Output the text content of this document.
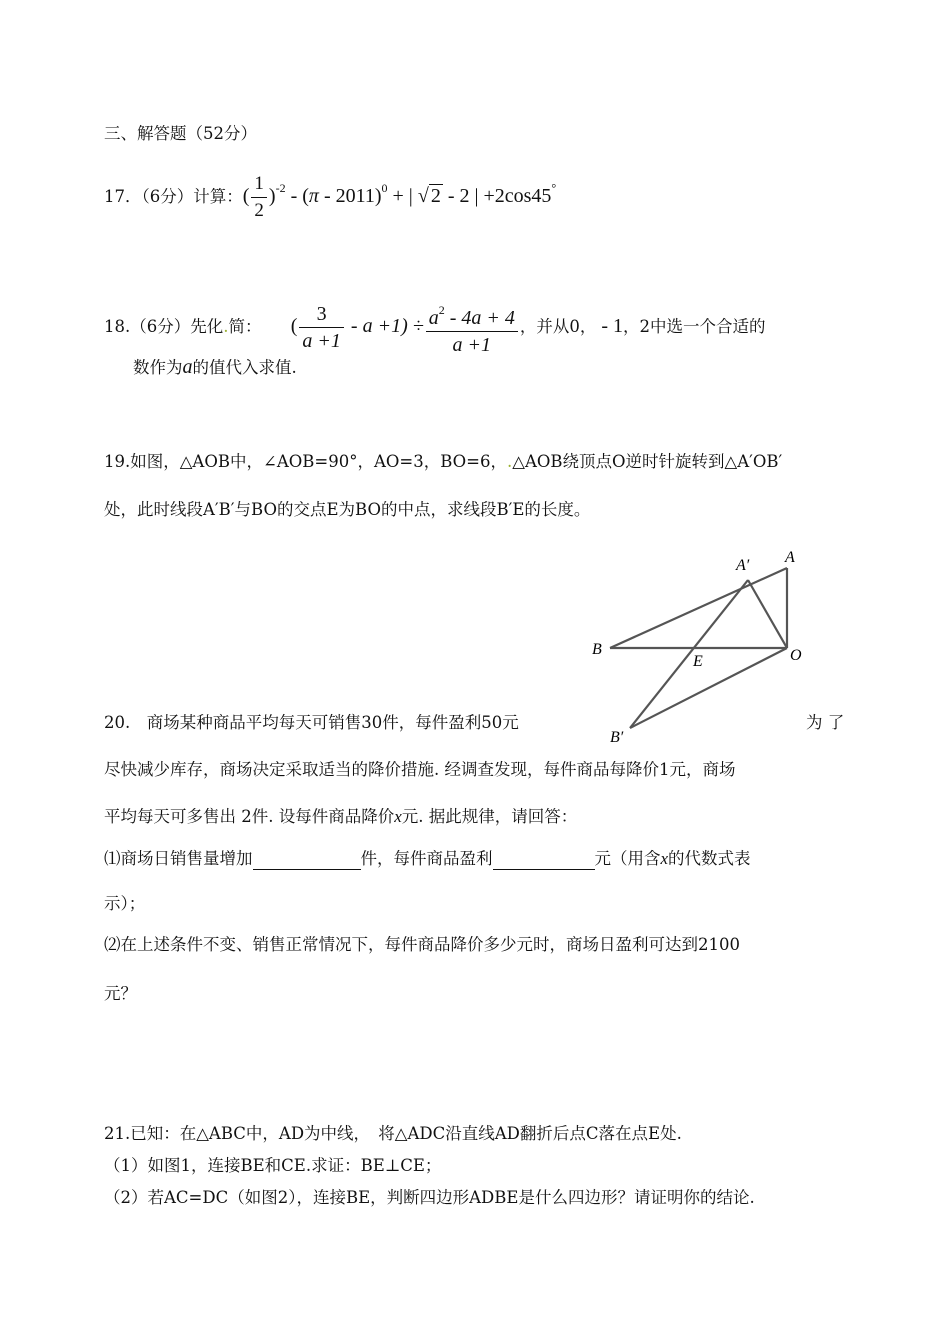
三、解答题（52分）
17．（6分）计算：( $\frac{1}{2} )^{-2} - (\pi - 2011)^0$ + | √ 2 - 2 | +2cos45°
18.（6分）先化.简： ( $\frac{3}{a +1} - a +1) \div \frac{a^2 - 4a + 4}{a +1}$ ，并从0， - 1，2中选一个合适的
数作为a的值代入求值.
19.如图，△AOB中，∠AOB=90°，AO=3，BO=6，.△AOB绕顶点O逆时针旋转到△A′OB′
处，此时线段A′B′与BO的交点E为BO的中点，求线段B′E的长度。
A′ A
B
E	O
B′
20.　商场某种商品平均每天可销售30件，每件盈利50元	为 了
尽快减少库存，商场决定采取适当的降价措施. 经调查发现，每件商品每降价1元，商场
平均每天可多售出 2件. 设每件商品降价x元. 据此规律，请回答：
⑴商场日销售量增加	件，每件商品盈利	元（用含x的代数式表
示）；
⑵在上述条件不变、销售正常情况下，每件商品降价多少元时，商场日盈利可达到2100
元？
21.已知：在△ABC中，AD为中线，　将△ADC沿直线AD翻折后点C落在点E处.
（1）如图1，连接BE和CE.求证：BE⊥CE；
（2）若AC=DC（如图2），连接BE，判断四边形ADBE是什么四边形？请证明你的结论.
